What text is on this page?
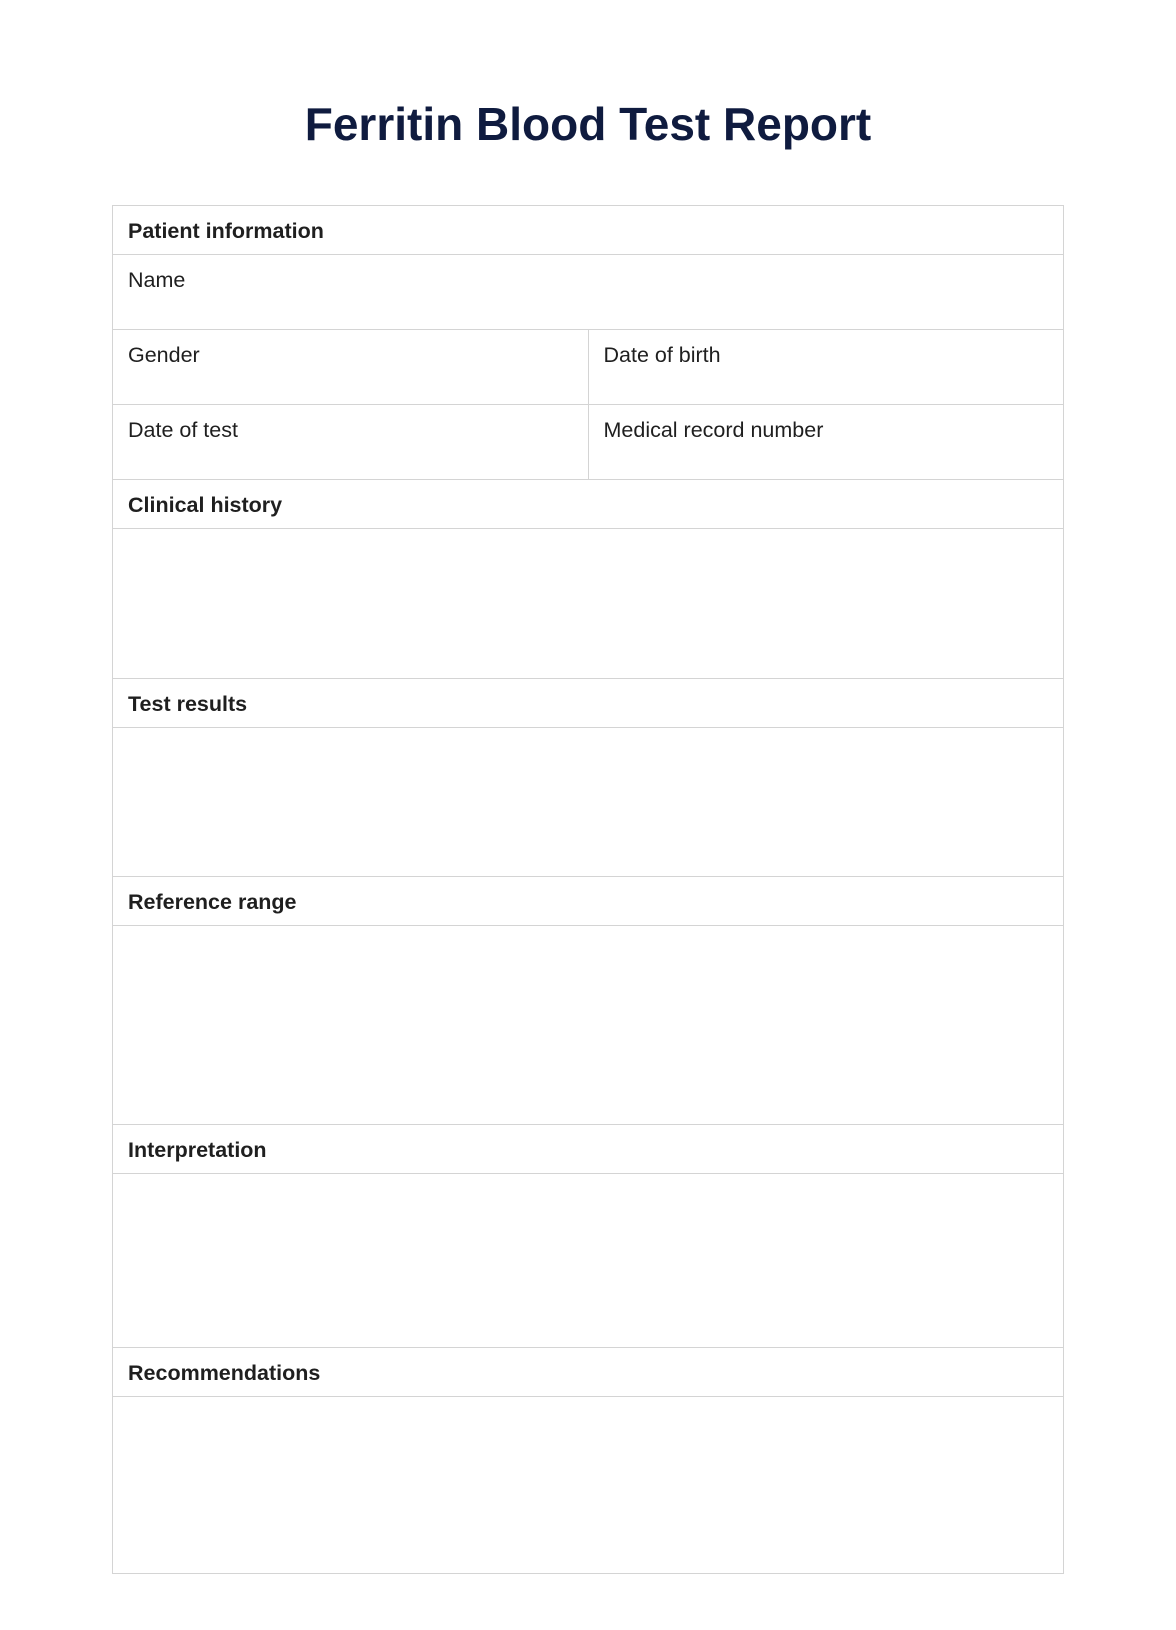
Ferritin Blood Test Report
Patient information
Name
Gender	Date of birth
Date of test	Medical record number
Clinical history
Test results
Reference range
Interpretation
Recommendations
